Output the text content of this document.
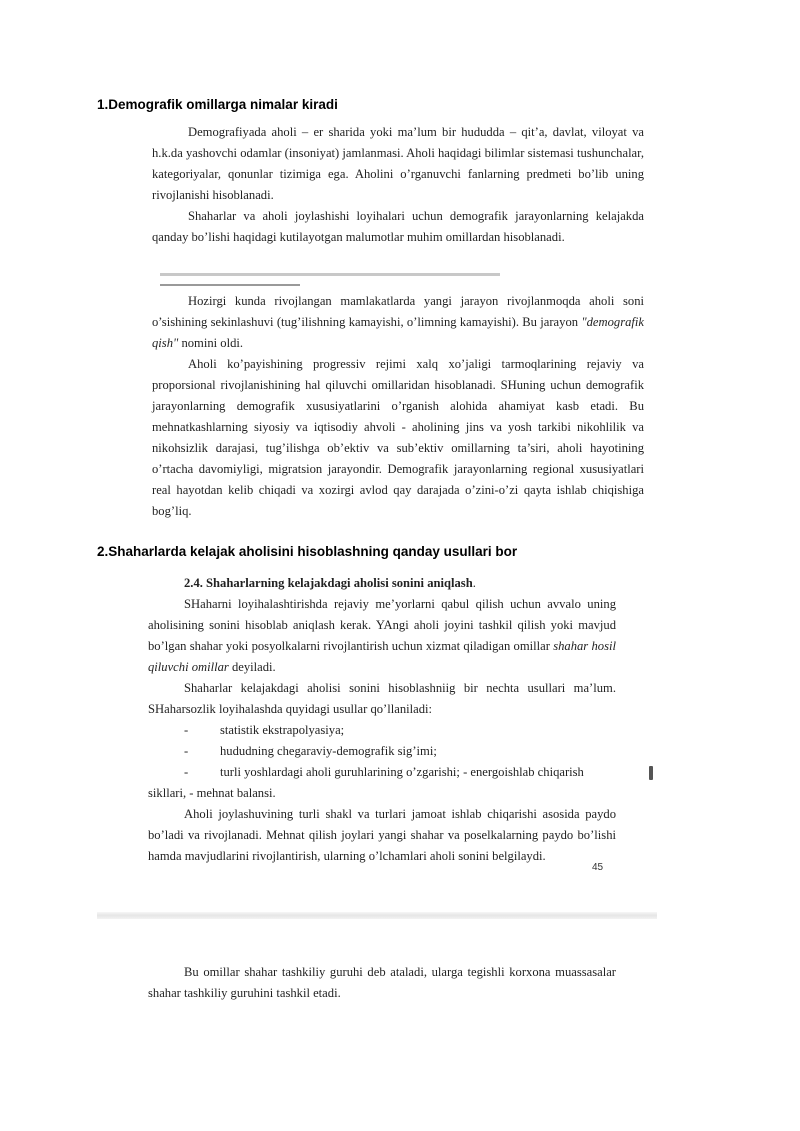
1.Demografik omillarga nimalar kiradi

Demografiyada aholi – er sharida yoki ma’lum bir hududda – qit’a, davlat, viloyat va h.k.da yashovchi odamlar (insoniyat) jamlanmasi. Aholi haqidagi bilimlar sistemasi tushunchalar, kategoriyalar, qonunlar tizimiga ega. Aholini o’rganuvchi fanlarning predmeti bo’lib uning rivojlanishi hisoblanadi.

Shaharlar va aholi joylashishi loyihalari uchun demografik jarayonlarning kelajakda qanday bo’lishi haqidagi kutilayotgan malumotlar muhim omillardan hisoblanadi.

Hozirgi kunda rivojlangan mamlakatlarda yangi jarayon rivojlanmoqda aholi soni o’sishining sekinlashuvi (tug’ilishning kamayishi, o’limning kamayishi). Bu jarayon "demografik qish" nomini oldi.

Aholi ko’payishining progressiv rejimi xalq xo’jaligi tarmoqlarining rejaviy va proporsional rivojlanishining hal qiluvchi omillaridan hisoblanadi. SHuning uchun demografik jarayonlarning demografik xususiyatlarini o’rganish alohida ahamiyat kasb etadi. Bu mehnatkashlarning siyosiy va iqtisodiy ahvoli - aholining jins va yosh tarkibi nikohlilik va nikohsizlik darajasi, tug’ilishga ob’ektiv va sub’ektiv omillarning ta’siri, aholi hayotining o’rtacha davomiyligi, migratsion jarayondir. Demografik jarayonlarning regional xususiyatlari real hayotdan kelib chiqadi va xozirgi avlod qay darajada o’zini-o’zi qayta ishlab chiqishiga bog’liq.

2.Shaharlarda kelajak aholisini hisoblashning qanday usullari bor

2.4. Shaharlarning kelajakdagi aholisi sonini aniqlash.

SHaharni loyihalashtirishda rejaviy me’yorlarni qabul qilish uchun avvalo uning aholisining sonini hisoblab aniqlash kerak. YAngi aholi joyini tashkil qilish yoki mavjud bo’lgan shahar yoki posyolkalarni rivojlantirish uchun xizmat qiladigan omillar shahar hosil qiluvchi omillar deyiladi.

Shaharlar kelajakdagi aholisi sonini hisoblashniig bir nechta usullari ma’lum. SHaharsozlik loyihalashda quyidagi usullar qo’llaniladi:

-	statistik ekstrapolyasiya;
-	hududning chegaraviy-demografik sig’imi;
-	turli yoshlardagi aholi guruhlarining o’zgarishi; - energoishlab chiqarish

sikllari, - mehnat balansi.

Aholi joylashuvining turli shakl va turlari jamoat ishlab chiqarishi asosida paydo bo’ladi va rivojlanadi. Mehnat qilish joylari yangi shahar va poselkalarning paydo bo’lishi hamda mavjudlarini rivojlantirish, ularning o’lchamlari aholi sonini belgilaydi.

45

Bu omillar shahar tashkiliy guruhi deb ataladi, ularga tegishli korxona muassasalar shahar tashkiliy guruhini tashkil etadi.
